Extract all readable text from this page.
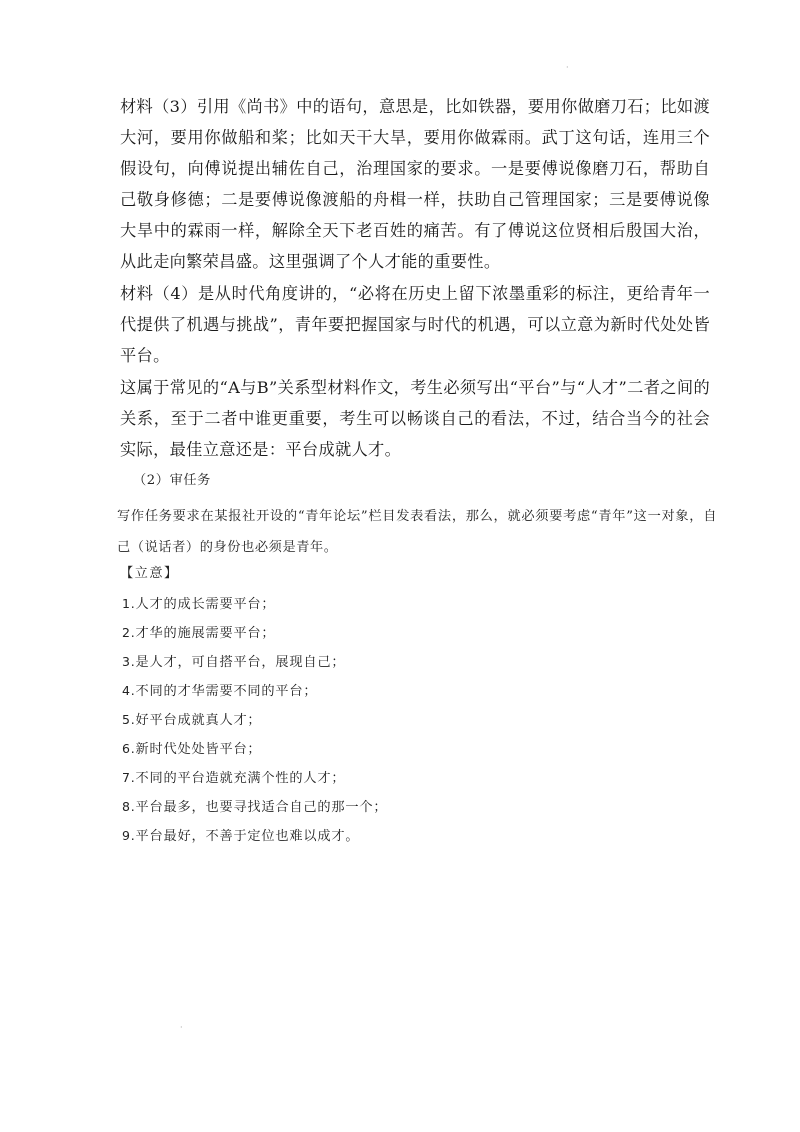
·

材料（3）引用《尚书》中的语句，意思是，比如铁器，要用你做磨刀石；比如渡大河，要用你做船和桨；比如天干大旱，要用你做霖雨。武丁这句话，连用三个假设句，向傅说提出辅佐自己，治理国家的要求。一是要傅说像磨刀石，帮助自己敬身修德；二是要傅说像渡船的舟楫一样，扶助自己管理国家；三是要傅说像大旱中的霖雨一样，解除全天下老百姓的痛苦。有了傅说这位贤相后殷国大治，从此走向繁荣昌盛。这里强调了个人才能的重要性。

材料（4）是从时代角度讲的，“必将在历史上留下浓墨重彩的标注，更给青年一代提供了机遇与挑战”，青年要把握国家与时代的机遇，可以立意为新时代处处皆平台。

这属于常见的“A与B”关系型材料作文，考生必须写出“平台”与“人才”二者之间的关系，至于二者中谁更重要，考生可以畅谈自己的看法，不过，结合当今的社会实际，最佳立意还是：平台成就人才。

（2）审任务
写作任务要求在某报社开设的“青年论坛”栏目发表看法，那么，就必须要考虑“青年”这一对象，自己（说话者）的身份也必须是青年。
【立意】
1.人才的成长需要平台；
2.才华的施展需要平台；
3.是人才，可自搭平台，展现自己；
4.不同的才华需要不同的平台；
5.好平台成就真人才；
6.新时代处处皆平台；
7.不同的平台造就充满个性的人才；
8.平台最多，也要寻找适合自己的那一个；
9.平台最好，不善于定位也难以成才。
·
